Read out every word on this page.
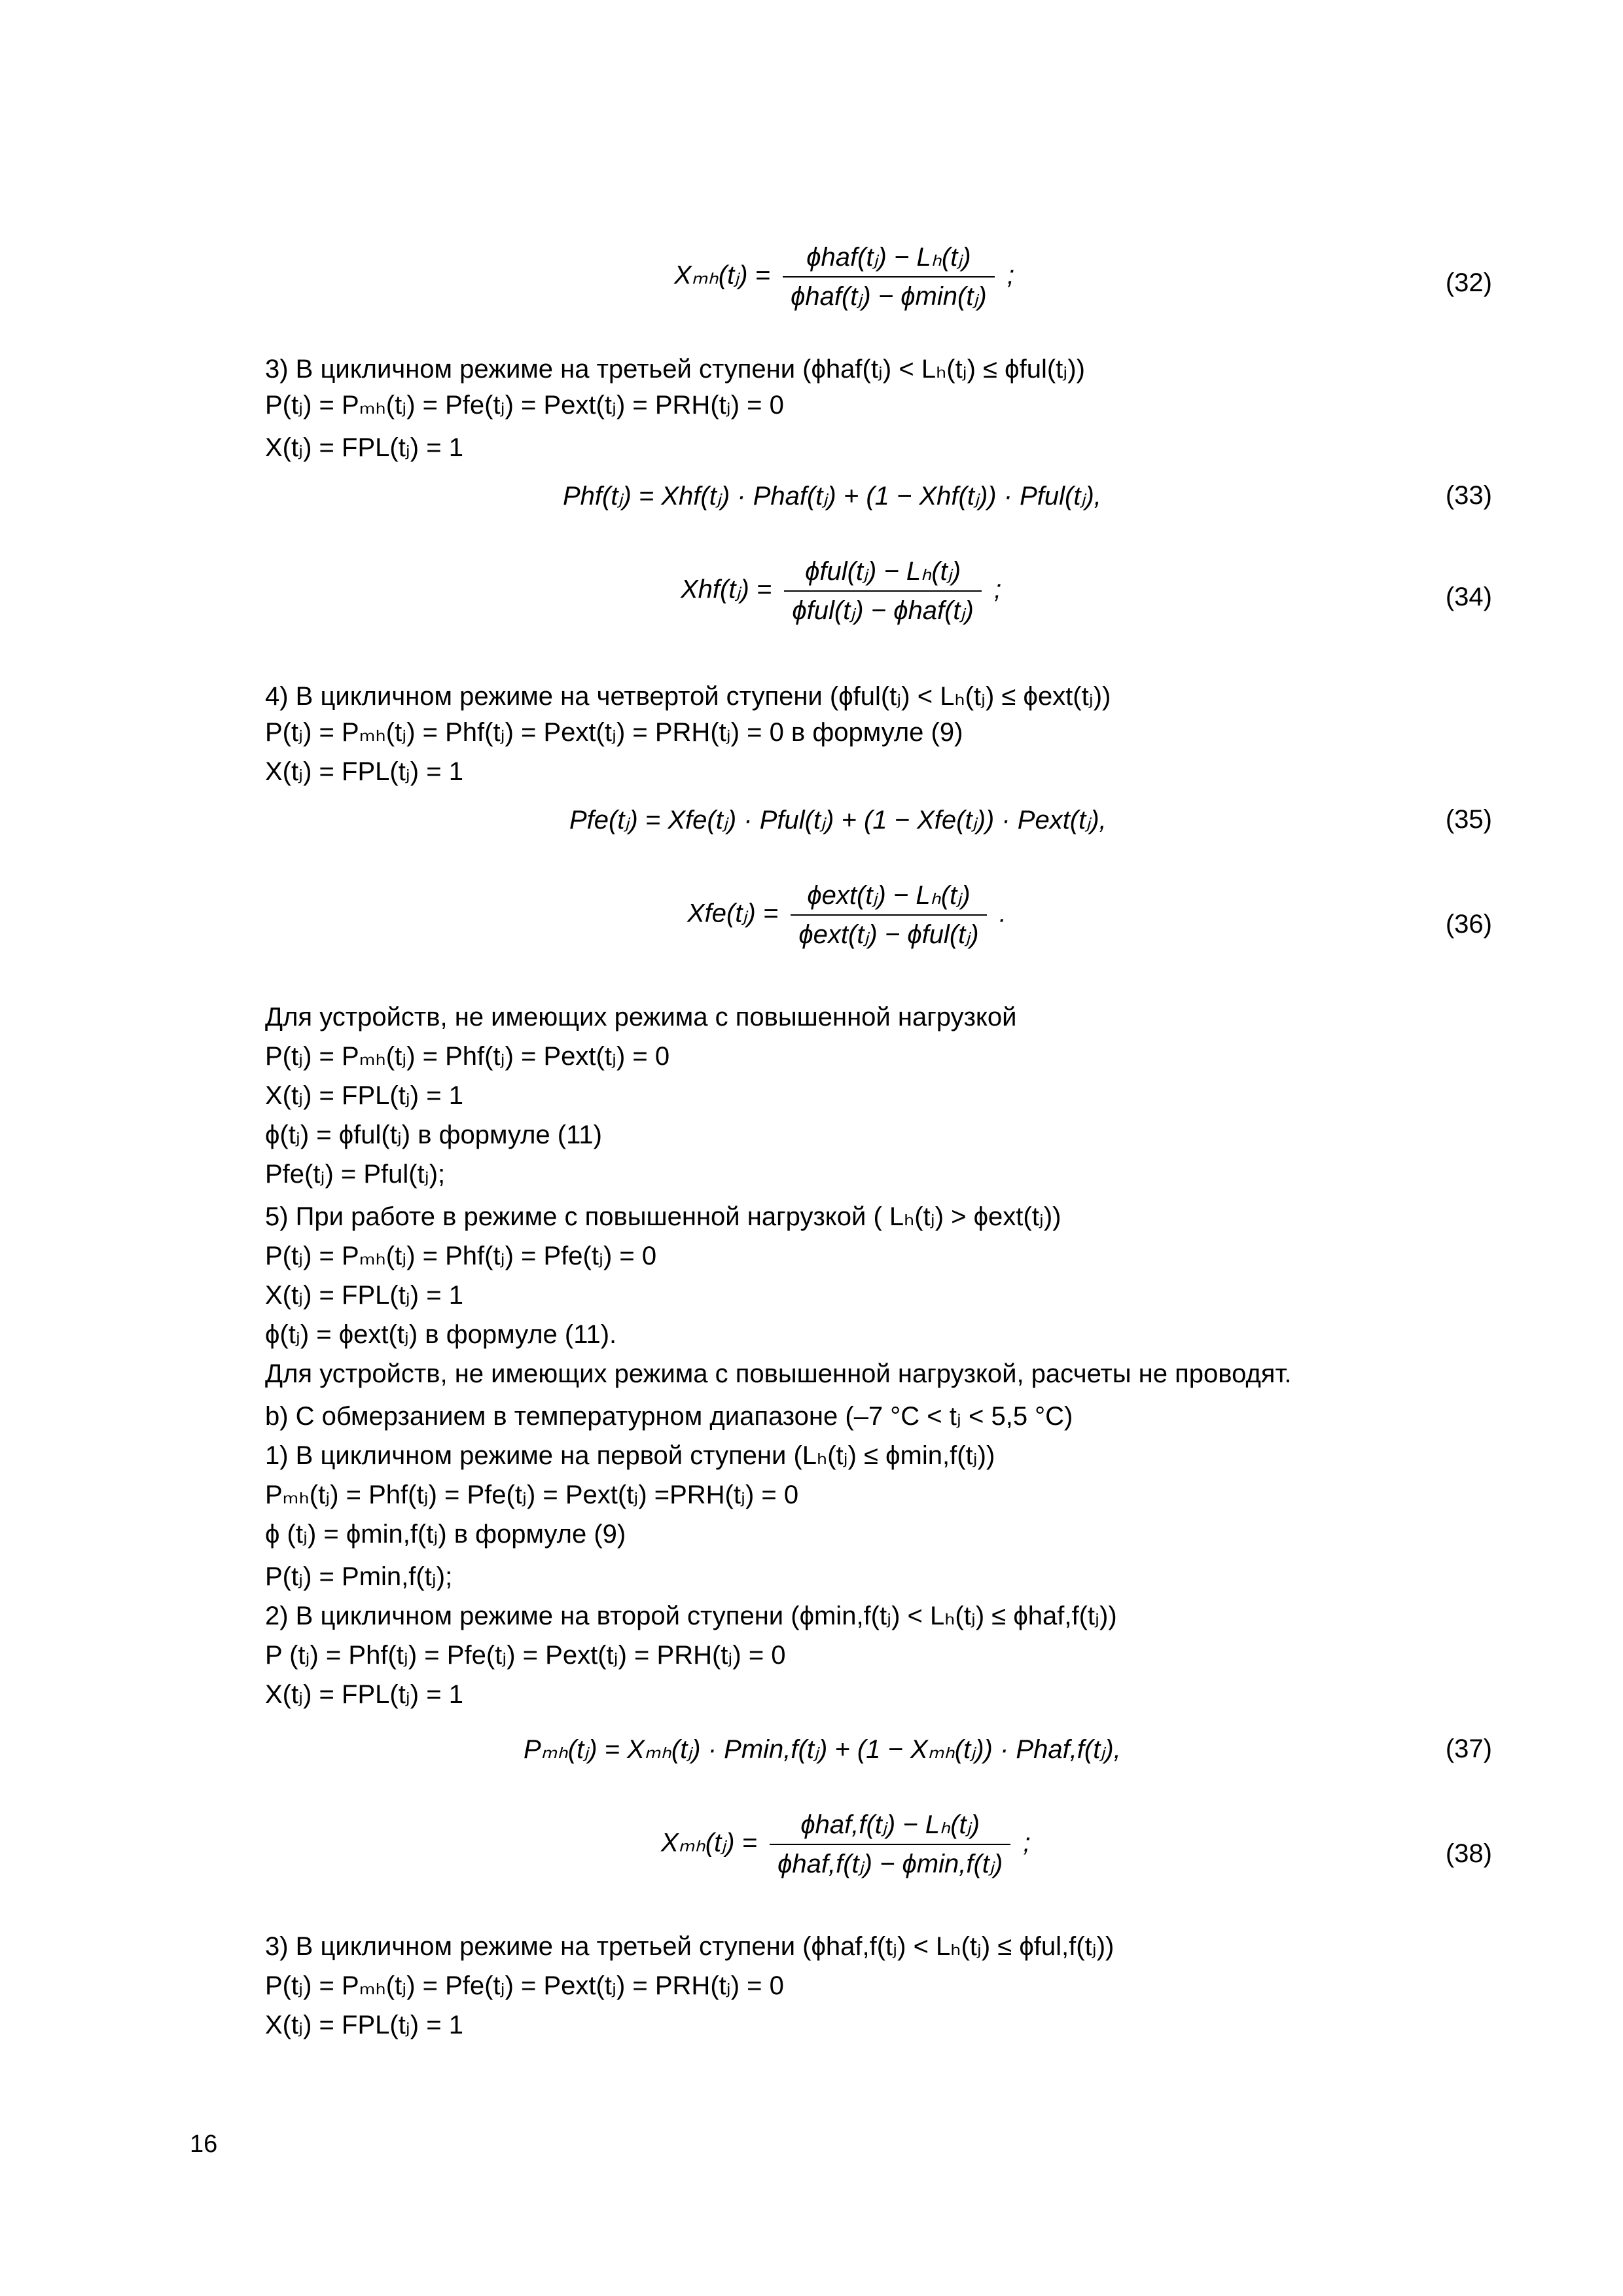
Xₘₕ(tⱼ) = $\frac{\text{ϕhaf(tⱼ) − Lₕ(tⱼ)}}{\text{ϕhaf(tⱼ) − ϕmin(tⱼ)}}$ ;	(32)
3) В цикличном режиме на третьей ступени (ϕhaf(tⱼ) < Lₕ(tⱼ) ≤ ϕful(tⱼ))
P(tⱼ) = Pₘₕ(tⱼ) = Pfe(tⱼ) = Pext(tⱼ) = PRH(tⱼ) = 0
X(tⱼ) = FPL(tⱼ) = 1
Phf(tⱼ) = Xhf(tⱼ) · Phaf(tⱼ) + (1 − Xhf(tⱼ)) · Pful(tⱼ),	(33)
Xhf(tⱼ) = $\frac{\text{ϕful(tⱼ) − Lₕ(tⱼ)}}{\text{ϕful(tⱼ) − ϕhaf(tⱼ)}}$ ;	(34)
4) В цикличном режиме на четвертой ступени (ϕful(tⱼ) < Lₕ(tⱼ) ≤ ϕext(tⱼ))
P(tⱼ) = Pₘₕ(tⱼ) = Phf(tⱼ) = Pext(tⱼ) = PRH(tⱼ) = 0 в формуле (9)
X(tⱼ) = FPL(tⱼ) = 1
Pfe(tⱼ) = Xfe(tⱼ) · Pful(tⱼ) + (1 − Xfe(tⱼ)) · Pext(tⱼ),	(35)
Xfe(tⱼ) = $\frac{\text{ϕext(tⱼ) − Lₕ(tⱼ)}}{\text{ϕext(tⱼ) − ϕful(tⱼ)}}$ .	(36)
Для устройств, не имеющих режима с повышенной нагрузкой
P(tⱼ) = Pₘₕ(tⱼ) = Phf(tⱼ) = Pext(tⱼ) = 0
X(tⱼ) = FPL(tⱼ) = 1
ϕ(tⱼ) = ϕful(tⱼ) в формуле (11)
Pfe(tⱼ) = Pful(tⱼ);
5) При работе в режиме с повышенной нагрузкой ( Lₕ(tⱼ) > ϕext(tⱼ))
P(tⱼ) = Pₘₕ(tⱼ) = Phf(tⱼ) = Pfe(tⱼ) = 0
X(tⱼ) = FPL(tⱼ) = 1
ϕ(tⱼ) = ϕext(tⱼ) в формуле (11).
Для устройств, не имеющих режима с повышенной нагрузкой, расчеты не проводят.
b) С обмерзанием в температурном диапазоне (–7 °C < tⱼ < 5,5 °C)
1) В цикличном режиме на первой ступени (Lₕ(tⱼ) ≤ ϕmin,f(tⱼ))
Pₘₕ(tⱼ) = Phf(tⱼ) = Pfe(tⱼ) = Pext(tⱼ) =PRH(tⱼ) = 0
ϕ (tⱼ) = ϕmin,f(tⱼ) в формуле (9)
P(tⱼ) = Pmin,f(tⱼ);
2) В цикличном режиме на второй ступени (ϕmin,f(tⱼ) < Lₕ(tⱼ) ≤ ϕhaf,f(tⱼ))
P (tⱼ) = Phf(tⱼ) = Pfe(tⱼ) = Pext(tⱼ) = PRH(tⱼ) = 0
X(tⱼ) = FPL(tⱼ) = 1
Pₘₕ(tⱼ) = Xₘₕ(tⱼ) · Pmin,f(tⱼ) + (1 − Xₘₕ(tⱼ)) · Phaf,f(tⱼ),	(37)
Xₘₕ(tⱼ) = $\frac{\text{ϕhaf,f(tⱼ) − Lₕ(tⱼ)}}{\text{ϕhaf,f(tⱼ) − ϕmin,f(tⱼ)}}$ ;	(38)
3) В цикличном режиме на третьей ступени (ϕhaf,f(tⱼ) < Lₕ(tⱼ) ≤ ϕful,f(tⱼ))
P(tⱼ) = Pₘₕ(tⱼ) = Pfe(tⱼ) = Pext(tⱼ) = PRH(tⱼ) = 0
X(tⱼ) = FPL(tⱼ) = 1
16
